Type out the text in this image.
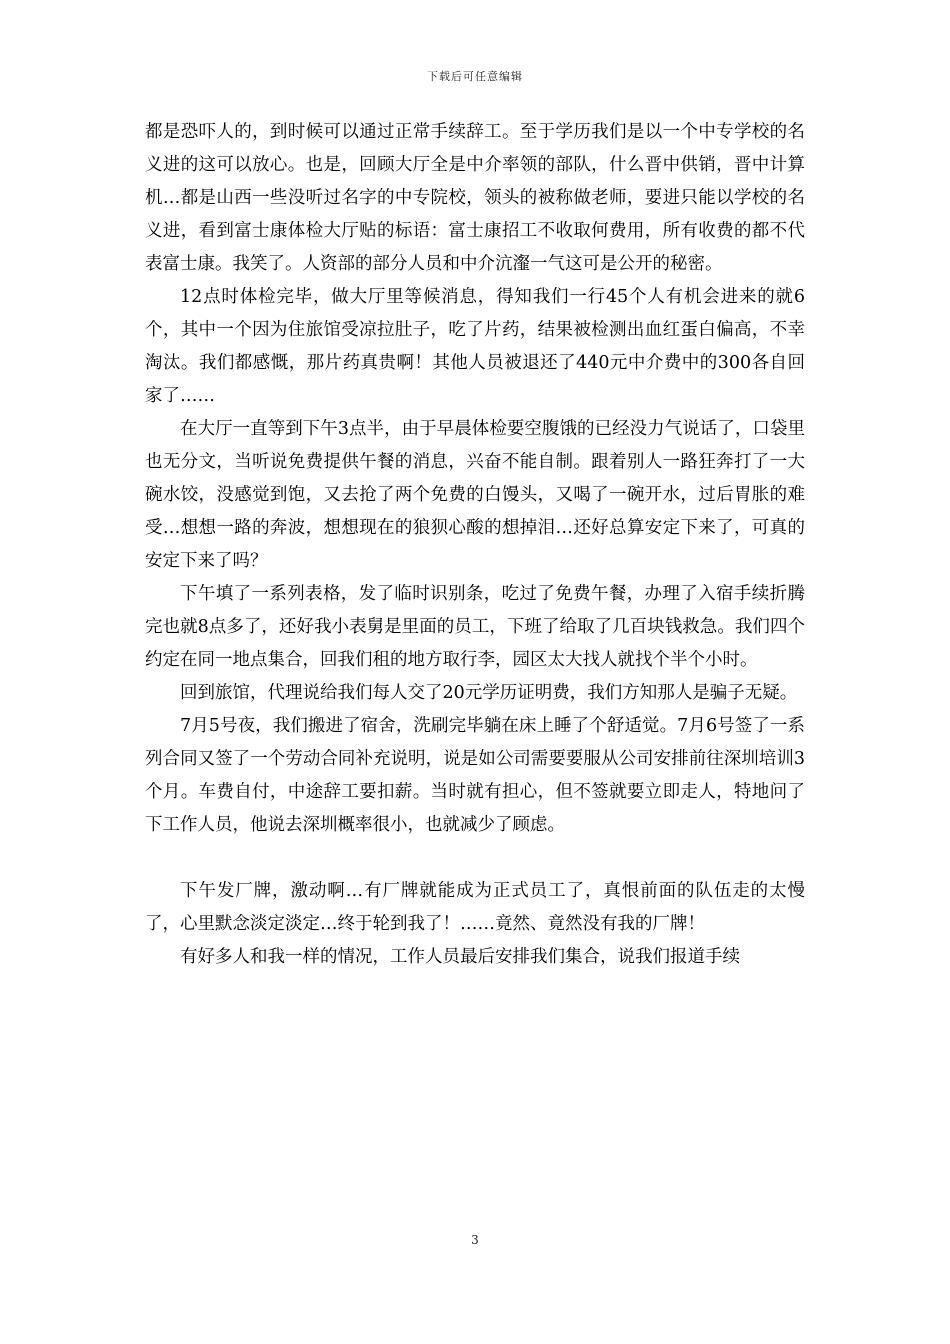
下载后可任意编辑

都是恐吓人的，到时候可以通过正常手续辞工。至于学历我们是以一个中专学校的名义进的这可以放心。也是，回顾大厅全是中介率领的部队，什么晋中供销，晋中计算机…都是山西一些没听过名字的中专院校，领头的被称做老师，要进只能以学校的名义进，看到富士康体检大厅贴的标语：富士康招工不收取何费用，所有收费的都不代表富士康。我笑了。人资部的部分人员和中介沆瀣一气这可是公开的秘密。

12点时体检完毕，做大厅里等候消息，得知我们一行45个人有机会进来的就6个，其中一个因为住旅馆受凉拉肚子，吃了片药，结果被检测出血红蛋白偏高，不幸淘汰。我们都感慨，那片药真贵啊！其他人员被退还了440元中介费中的300各自回家了……

在大厅一直等到下午3点半，由于早晨体检要空腹饿的已经没力气说话了，口袋里也无分文，当听说免费提供午餐的消息，兴奋不能自制。跟着别人一路狂奔打了一大碗水饺，没感觉到饱，又去抢了两个免费的白馒头，又喝了一碗开水，过后胃胀的难受…想想一路的奔波，想想现在的狼狈心酸的想掉泪…还好总算安定下来了，可真的安定下来了吗？

下午填了一系列表格，发了临时识别条，吃过了免费午餐，办理了入宿手续折腾完也就8点多了，还好我小表舅是里面的员工，下班了给取了几百块钱救急。我们四个约定在同一地点集合，回我们租的地方取行李，园区太大找人就找个半个小时。

回到旅馆，代理说给我们每人交了20元学历证明费，我们方知那人是骗子无疑。

7月5号夜，我们搬进了宿舍，洗刷完毕躺在床上睡了个舒适觉。7月6号签了一系列合同又签了一个劳动合同补充说明，说是如公司需要要服从公司安排前往深圳培训3个月。车费自付，中途辞工要扣薪。当时就有担心，但不签就要立即走人，特地问了下工作人员，他说去深圳概率很小，也就减少了顾虑。

下午发厂牌，激动啊…有厂牌就能成为正式员工了，真恨前面的队伍走的太慢了，心里默念淡定淡定…终于轮到我了！……竟然、竟然没有我的厂牌！

有好多人和我一样的情况，工作人员最后安排我们集合，说我们报道手续

3
